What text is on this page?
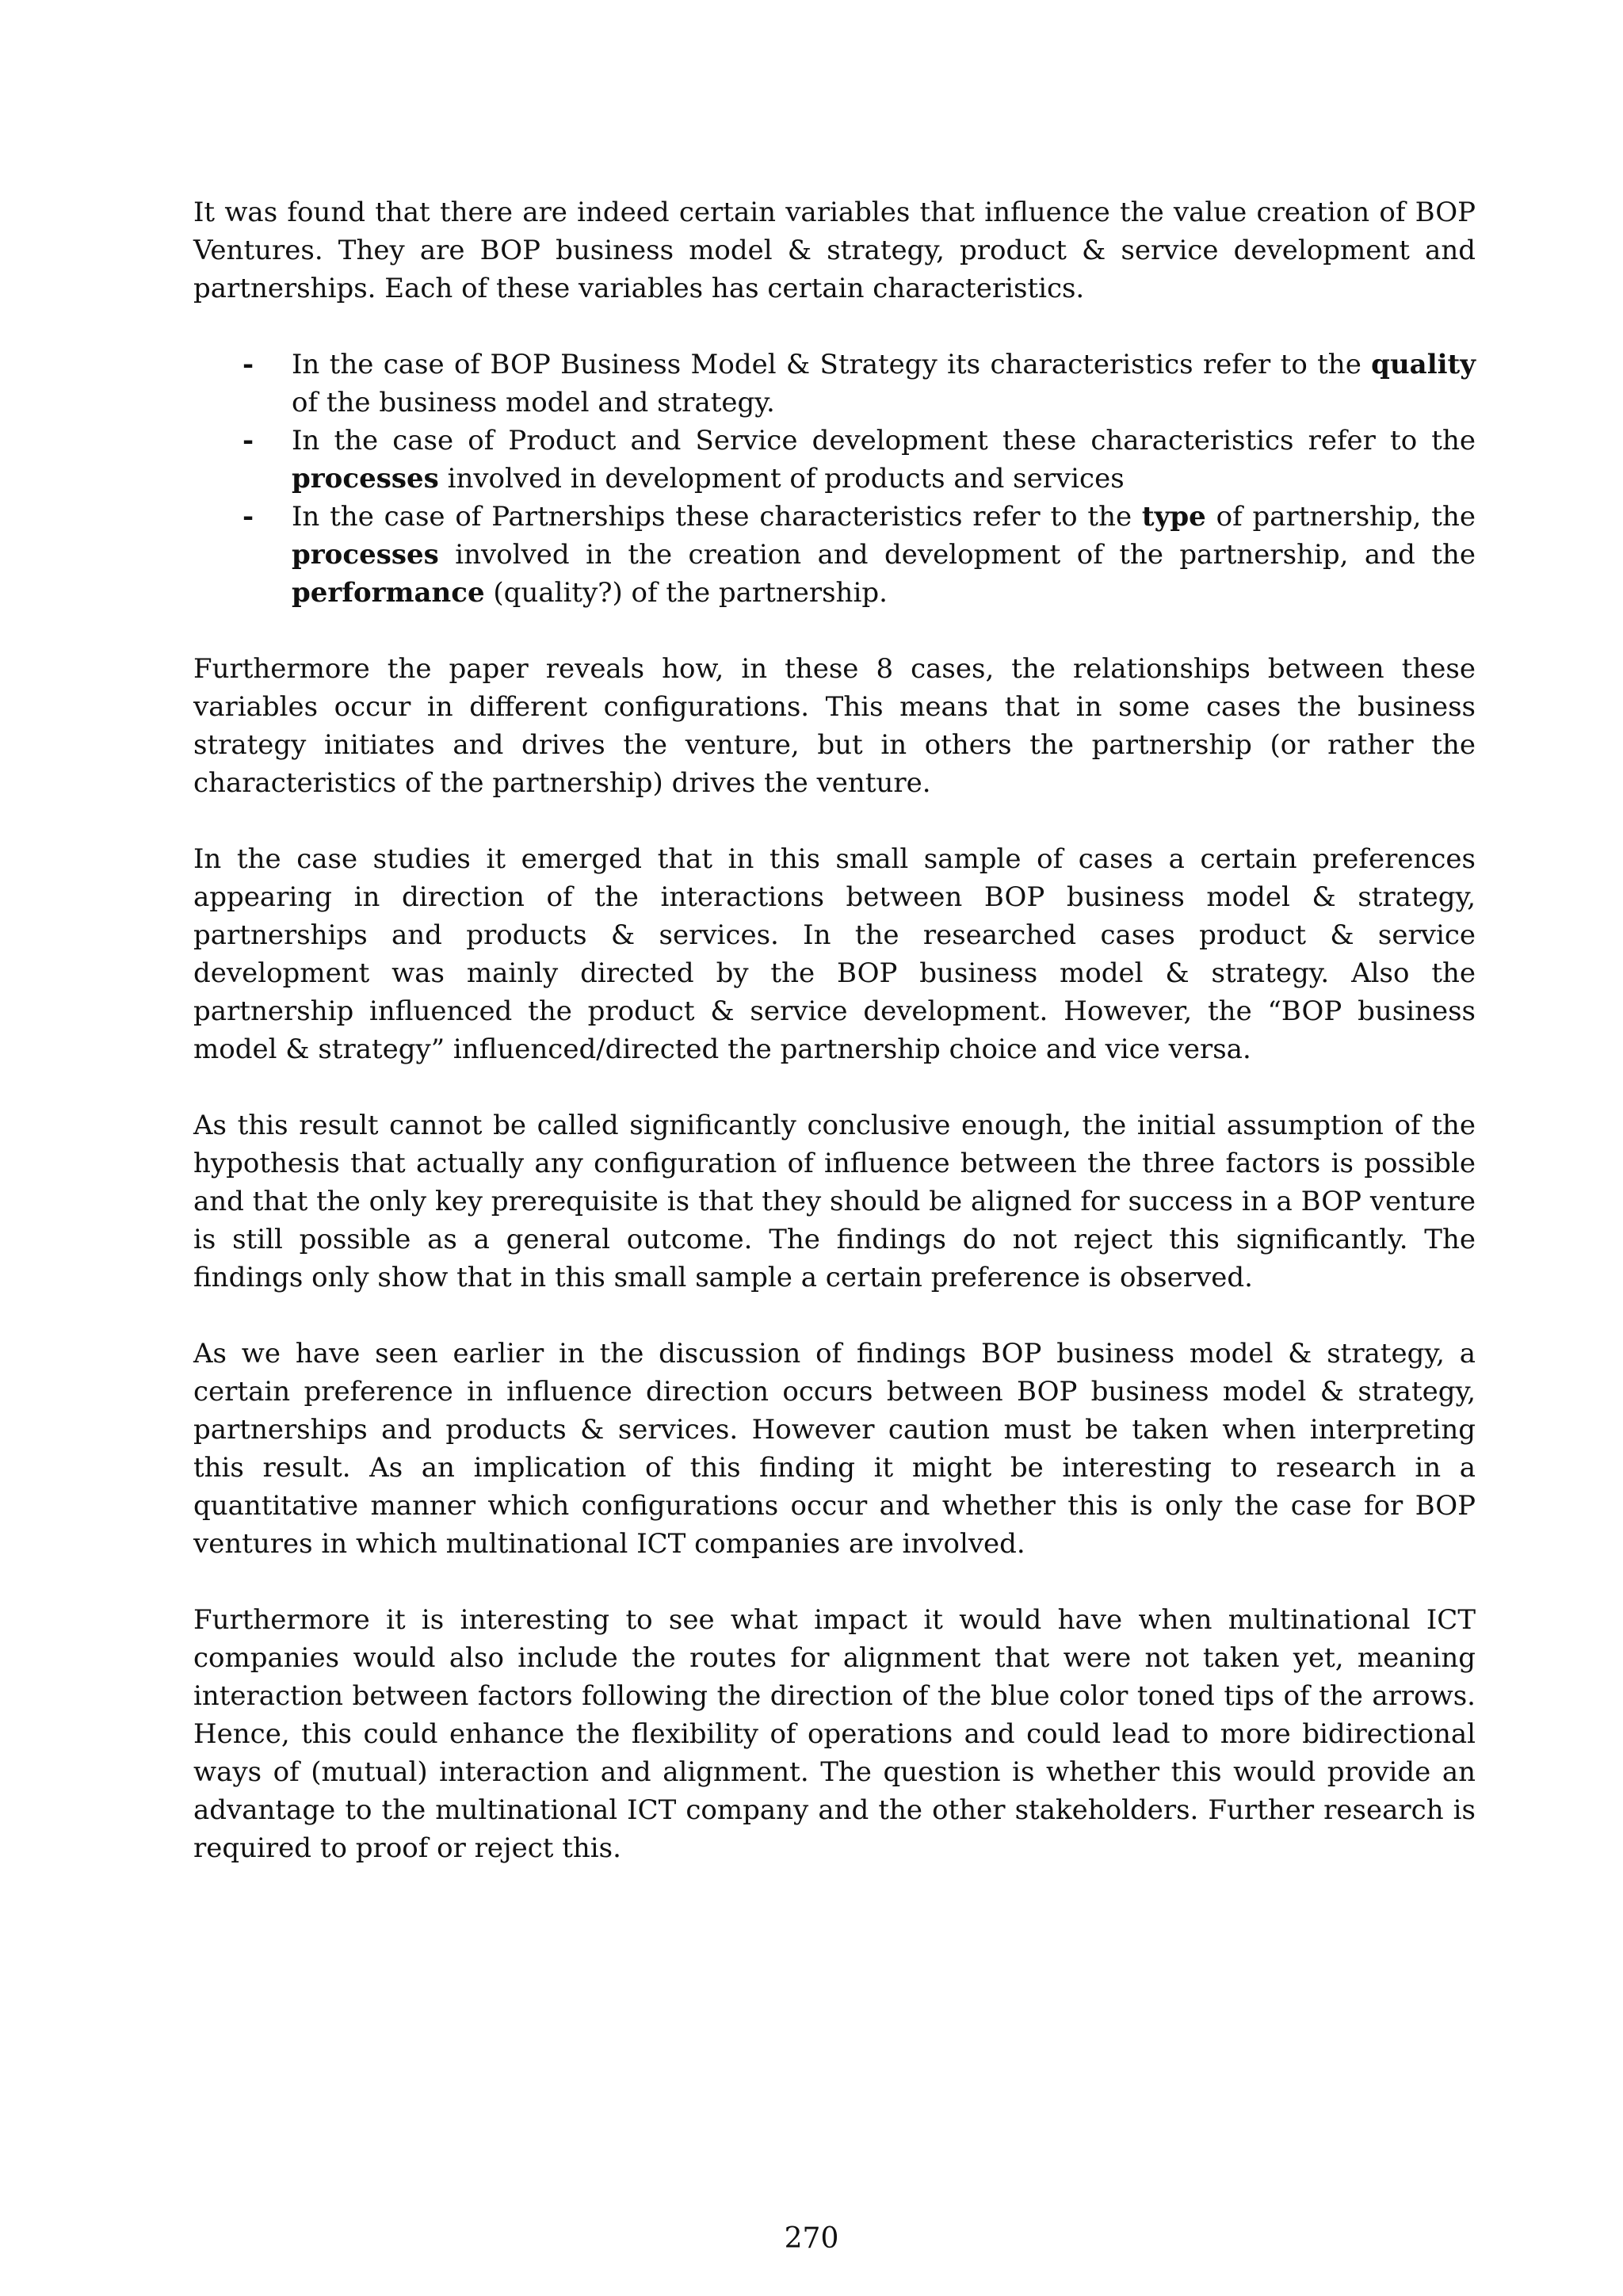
It was found that there are indeed certain variables that influence the value creation of BOP Ventures. They are BOP business model & strategy, product & service development and partnerships. Each of these variables has certain characteristics.

- In the case of BOP Business Model & Strategy its characteristics refer to the quality of the business model and strategy.
- In the case of Product and Service development these characteristics refer to the processes involved in development of products and services
- In the case of Partnerships these characteristics refer to the type of partnership, the processes involved in the creation and development of the partnership, and the performance (quality?) of the partnership.

Furthermore the paper reveals how, in these 8 cases, the relationships between these variables occur in different configurations. This means that in some cases the business strategy initiates and drives the venture, but in others the partnership (or rather the characteristics of the partnership) drives the venture.

In the case studies it emerged that in this small sample of cases a certain preferences appearing in direction of the interactions between BOP business model & strategy, partnerships and products & services. In the researched cases product & service development was mainly directed by the BOP business model & strategy. Also the partnership influenced the product & service development. However, the “BOP business model & strategy” influenced/directed the partnership choice and vice versa.

As this result cannot be called significantly conclusive enough, the initial assumption of the hypothesis that actually any configuration of influence between the three factors is possible and that the only key prerequisite is that they should be aligned for success in a BOP venture is still possible as a general outcome. The findings do not reject this significantly. The findings only show that in this small sample a certain preference is observed.

As we have seen earlier in the discussion of findings BOP business model & strategy, a certain preference in influence direction occurs between BOP business model & strategy, partnerships and products & services. However caution must be taken when interpreting this result. As an implication of this finding it might be interesting to research in a quantitative manner which configurations occur and whether this is only the case for BOP ventures in which multinational ICT companies are involved.

Furthermore it is interesting to see what impact it would have when multinational ICT companies would also include the routes for alignment that were not taken yet, meaning interaction between factors following the direction of the blue color toned tips of the arrows. Hence, this could enhance the flexibility of operations and could lead to more bidirectional ways of (mutual) interaction and alignment. The question is whether this would provide an advantage to the multinational ICT company and the other stakeholders. Further research is required to proof or reject this.

270
